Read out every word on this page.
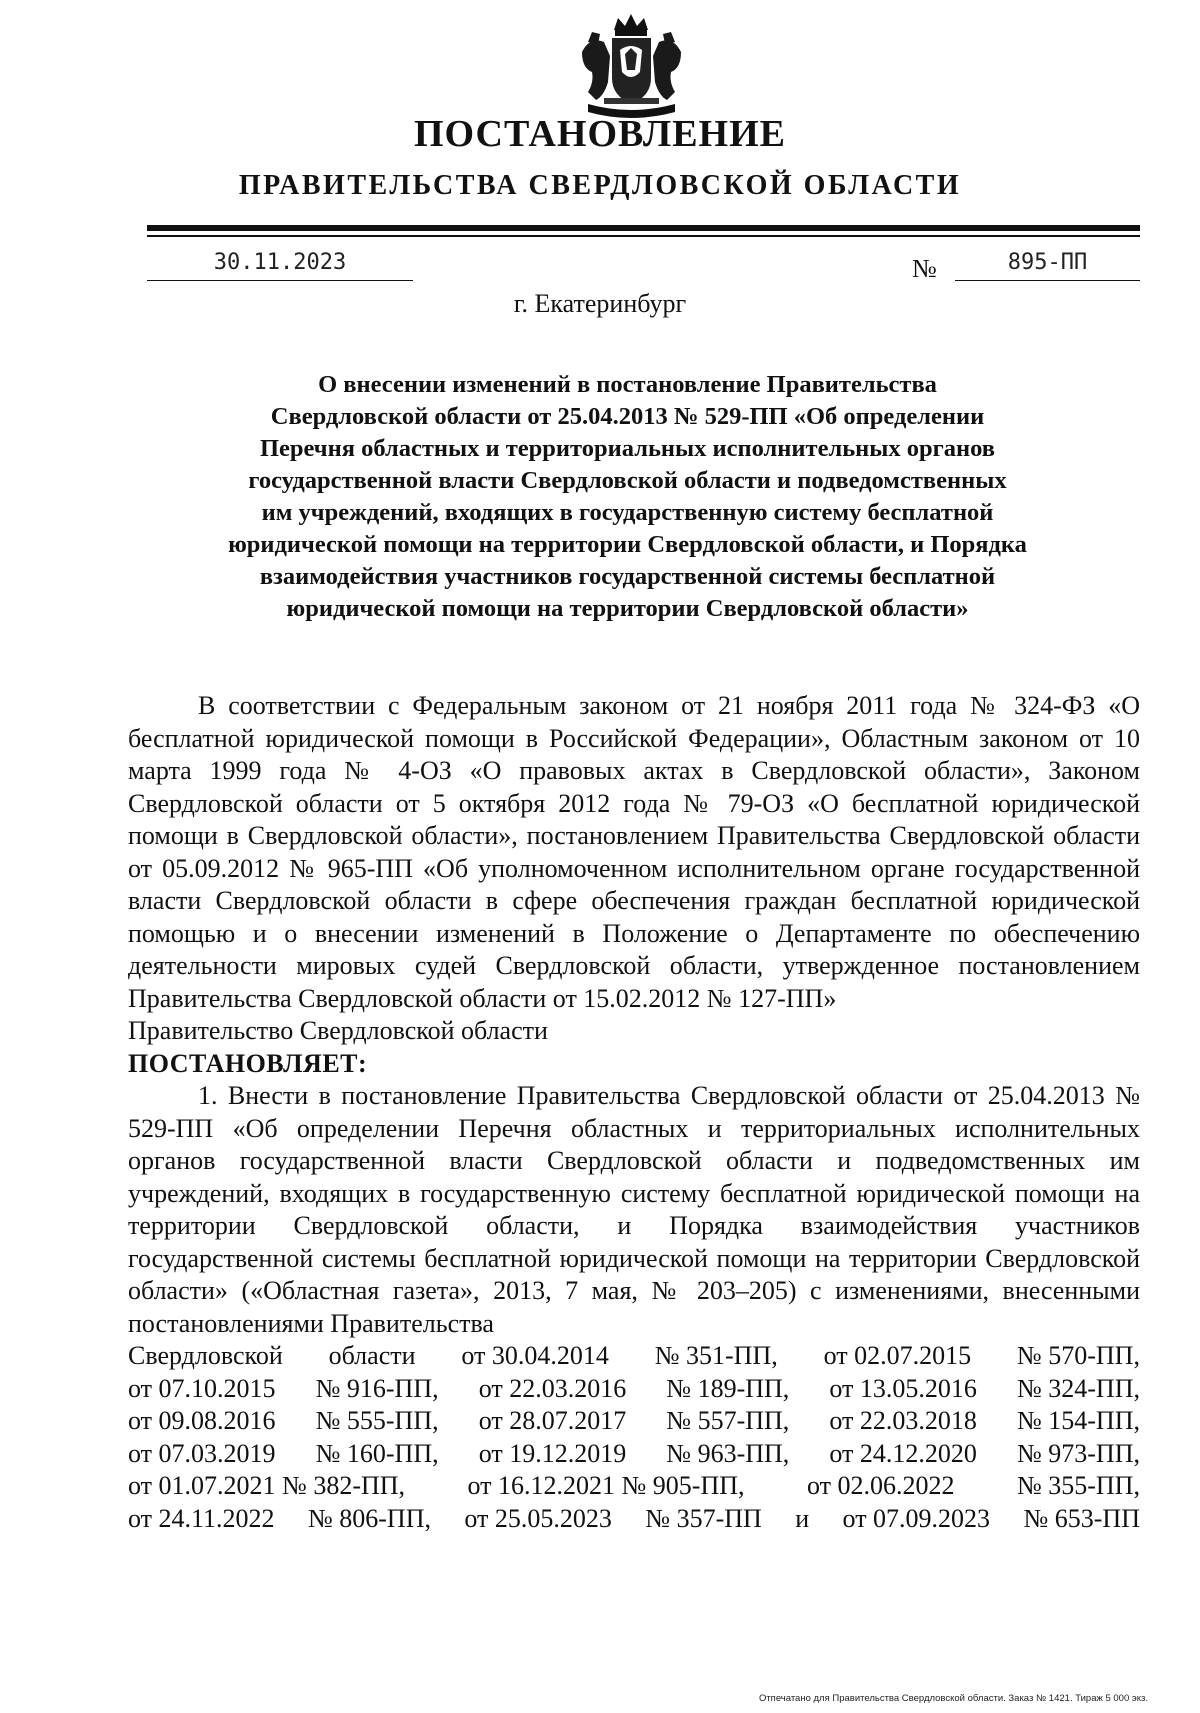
ПОСТАНОВЛЕНИЕ
ПРАВИТЕЛЬСТВА СВЕРДЛОВСКОЙ ОБЛАСТИ
30.11.2023	№	895-ПП
г. Екатеринбург
О внесении изменений в постановление Правительства
Свердловской области от 25.04.2013 № 529-ПП «Об определении
Перечня областных и территориальных исполнительных органов
государственной власти Свердловской области и подведомственных
им учреждений, входящих в государственную систему бесплатной
юридической помощи на территории Свердловской области, и Порядка
взаимодействия участников государственной системы бесплатной
юридической помощи на территории Свердловской области»

В соответствии с Федеральным законом от 21 ноября 2011 года № 324-ФЗ «О бесплатной юридической помощи в Российской Федерации», Областным законом от 10 марта 1999 года № 4-ОЗ «О правовых актах в Свердловской области», Законом Свердловской области от 5 октября 2012 года № 79-ОЗ «О бесплатной юридической помощи в Свердловской области», постановлением Правительства Свердловской области от 05.09.2012 № 965-ПП «Об уполномоченном исполнительном органе государственной власти Свердловской области в сфере обеспечения граждан бесплатной юридической помощью и о внесении изменений в Положение о Департаменте по обеспечению деятельности мировых судей Свердловской области, утвержденное постановлением Правительства Свердловской области от 15.02.2012 № 127-ПП»

Правительство Свердловской области

ПОСТАНОВЛЯЕТ:

1. Внести в постановление Правительства Свердловской области от 25.04.2013 № 529-ПП «Об определении Перечня областных и территориальных исполнительных органов государственной власти Свердловской области и подведомственных им учреждений, входящих в государственную систему бесплатной юридической помощи на территории Свердловской области, и Порядка взаимодействия участников государственной системы бесплатной юридической помощи на территории Свердловской области» («Областная газета», 2013, 7 мая, № 203–205) с изменениями, внесенными постановлениями Правительства

Свердловской области от 30.04.2014 № 351-ПП, от 02.07.2015 № 570-ПП,
от 07.10.2015 № 916-ПП, от 22.03.2016 № 189-ПП, от 13.05.2016 № 324-ПП,
от 09.08.2016 № 555-ПП, от 28.07.2017 № 557-ПП, от 22.03.2018 № 154-ПП,
от 07.03.2019 № 160-ПП, от 19.12.2019 № 963-ПП, от 24.12.2020 № 973-ПП,
от 01.07.2021 № 382-ПП, от 16.12.2021 № 905-ПП, от 02.06.2022 № 355-ПП,
от 24.11.2022 № 806-ПП, от 25.05.2023 № 357-ПП и от 07.09.2023 № 653-ПП
Отпечатано для Правительства Свердловской области. Заказ № 1421. Тираж 5 000 экз.
